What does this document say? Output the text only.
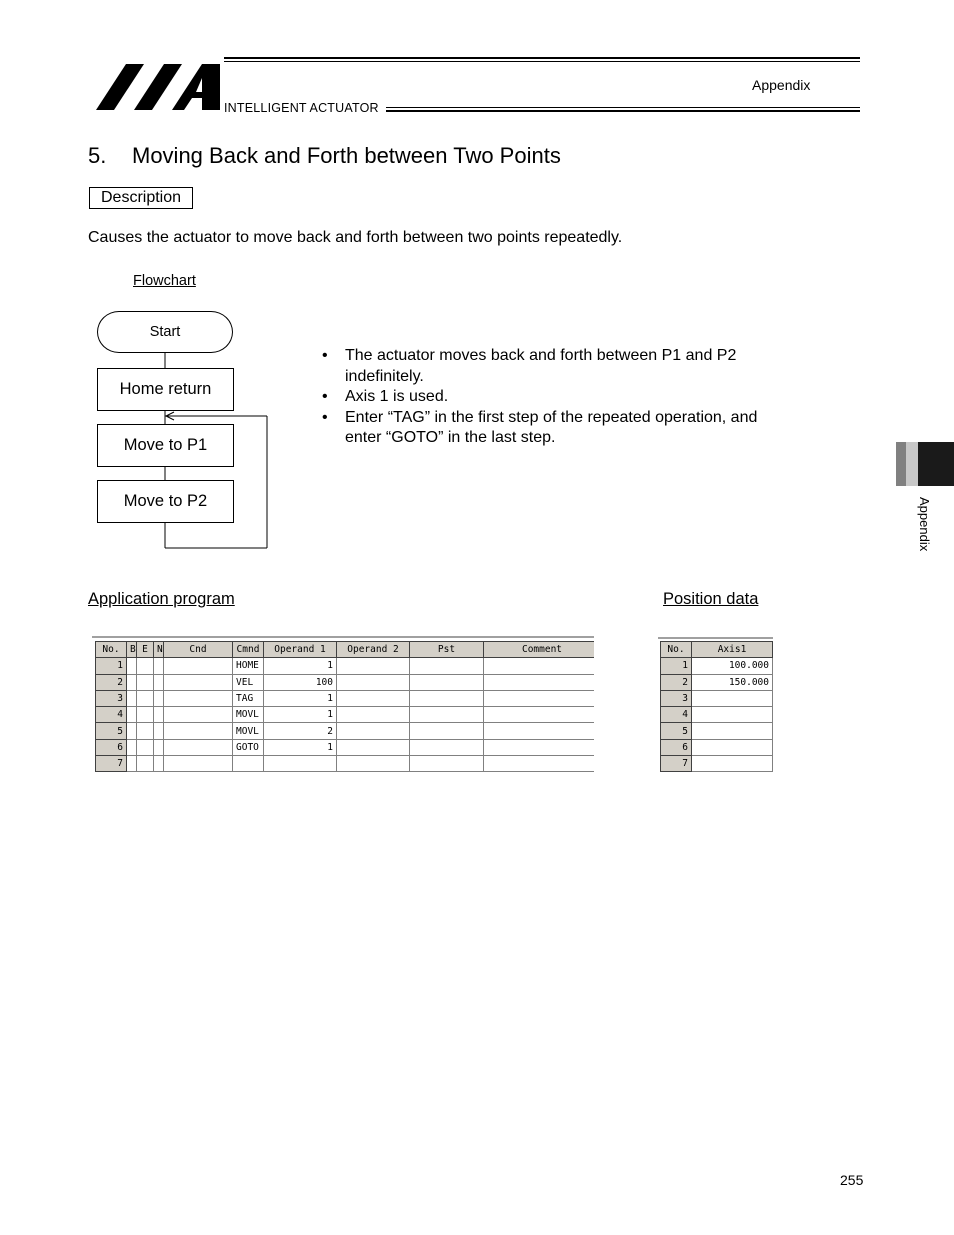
Appendix
INTELLIGENT ACTUATOR
5. Moving Back and Forth between Two Points
Description
Causes the actuator to move back and forth between two points repeatedly.
Flowchart
Start
Home return
Move to P1
Move to P2
• The actuator moves back and forth between P1 and P2 indefinitely.
• Axis 1 is used.
• Enter “TAG” in the first step of the repeated operation, and enter “GOTO” in the last step.
Application program	Position data
No.	B	E	N	Cnd	Cmnd	Operand 1	Operand 2	Pst	Comment
1					HOME	1			
2					VEL	100			
3					TAG	1			
4					MOVL	1			
5					MOVL	2			
6					GOTO	1			
7									
No.	Axis1
1	100.000
2	150.000
3	
4	
5	
6	
7	
Appendix
255
